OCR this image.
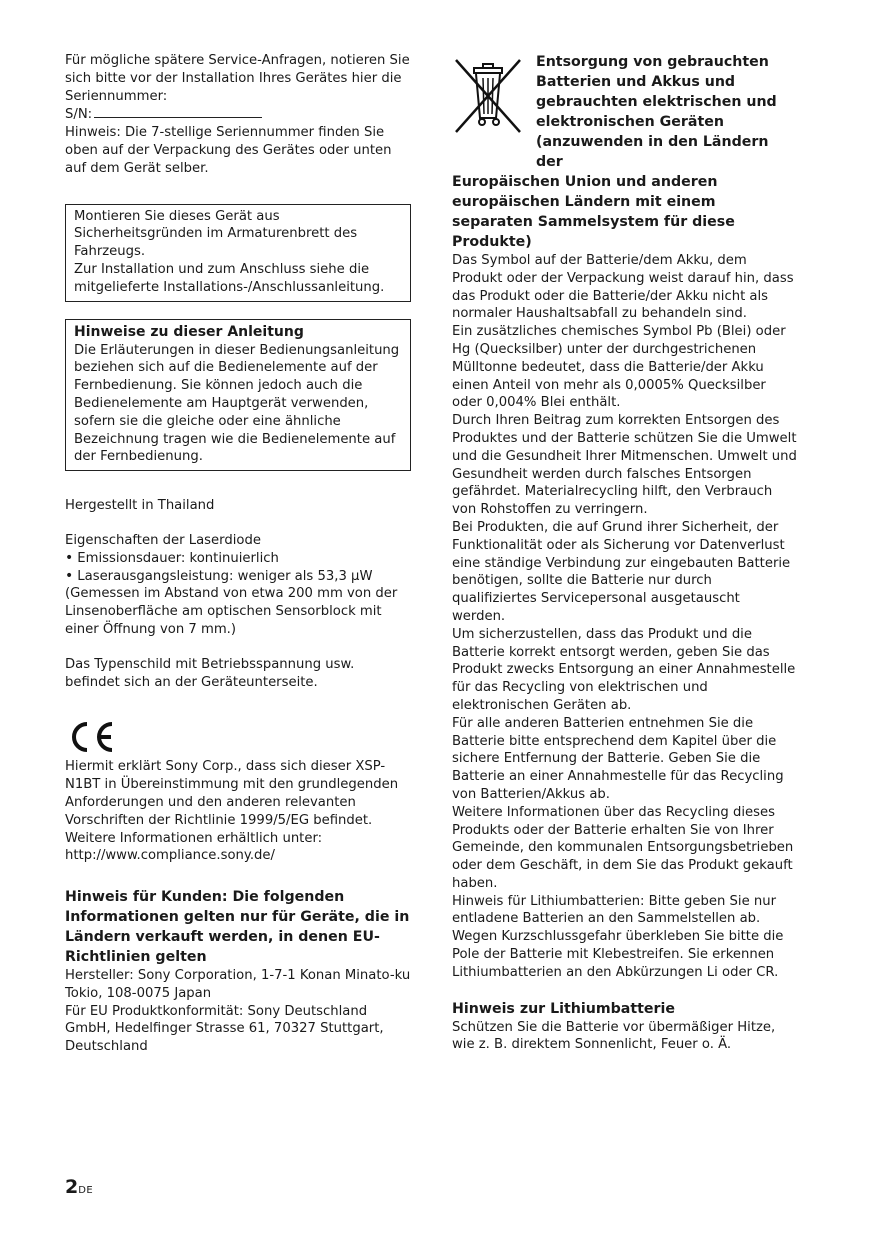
Für mögliche spätere Service-Anfragen, notieren Sie sich bitte vor der Installation Ihres Gerätes hier die Seriennummer:

S/N:

Hinweis: Die 7-stellige Seriennummer finden Sie oben auf der Verpackung des Gerätes oder unten auf dem Gerät selber.

Montieren Sie dieses Gerät aus Sicherheitsgründen im Armaturenbrett des Fahrzeugs.

Zur Installation und zum Anschluss siehe die mitgelieferte Installations-/Anschlussanleitung.

Hinweise zu dieser Anleitung

Die Erläuterungen in dieser Bedienungsanleitung beziehen sich auf die Bedienelemente auf der Fernbedienung. Sie können jedoch auch die Bedienelemente am Hauptgerät verwenden, sofern sie die gleiche oder eine ähnliche Bezeichnung tragen wie die Bedienelemente auf der Fernbedienung.

Hergestellt in Thailand

Eigenschaften der Laserdiode

• Emissionsdauer: kontinuierlich

• Laserausgangsleistung: weniger als 53,3 µW

(Gemessen im Abstand von etwa 200 mm von der Linsenoberfläche am optischen Sensorblock mit einer Öffnung von 7 mm.)

Das Typenschild mit Betriebsspannung usw. befindet sich an der Geräteunterseite.

Hiermit erklärt Sony Corp., dass sich dieser XSP-N1BT in Übereinstimmung mit den grundlegenden Anforderungen und den anderen relevanten Vorschriften der Richtlinie 1999/5/EG befindet.

Weitere Informationen erhältlich unter: http://www.compliance.sony.de/

Hinweis für Kunden: Die folgenden Informationen gelten nur für Geräte, die in Ländern verkauft werden, in denen EU-Richtlinien gelten

Hersteller: Sony Corporation, 1-7-1 Konan Minato-ku Tokio, 108-0075 Japan

Für EU Produktkonformität: Sony Deutschland GmbH, Hedelfinger Strasse 61, 70327 Stuttgart, Deutschland

Entsorgung von gebrauchten Batterien und Akkus und gebrauchten elektrischen und elektronischen Geräten (anzuwenden in den Ländern der
Europäischen Union und anderen europäischen Ländern mit einem separaten Sammelsystem für diese Produkte)

Das Symbol auf der Batterie/dem Akku, dem Produkt oder der Verpackung weist darauf hin, dass das Produkt oder die Batterie/der Akku nicht als normaler Haushaltsabfall zu behandeln sind.

Ein zusätzliches chemisches Symbol Pb (Blei) oder Hg (Quecksilber) unter der durchgestrichenen Mülltonne bedeutet, dass die Batterie/der Akku einen Anteil von mehr als 0,0005% Quecksilber oder 0,004% Blei enthält.

Durch Ihren Beitrag zum korrekten Entsorgen des Produktes und der Batterie schützen Sie die Umwelt und die Gesundheit Ihrer Mitmenschen. Umwelt und Gesundheit werden durch falsches Entsorgen gefährdet. Materialrecycling hilft, den Verbrauch von Rohstoffen zu verringern.

Bei Produkten, die auf Grund ihrer Sicherheit, der Funktionalität oder als Sicherung vor Datenverlust eine ständige Verbindung zur eingebauten Batterie benötigen, sollte die Batterie nur durch qualifiziertes Servicepersonal ausgetauscht werden.

Um sicherzustellen, dass das Produkt und die Batterie korrekt entsorgt werden, geben Sie das Produkt zwecks Entsorgung an einer Annahmestelle für das Recycling von elektrischen und elektronischen Geräten ab.

Für alle anderen Batterien entnehmen Sie die Batterie bitte entsprechend dem Kapitel über die sichere Entfernung der Batterie. Geben Sie die Batterie an einer Annahmestelle für das Recycling von Batterien/Akkus ab.

Weitere Informationen über das Recycling dieses Produkts oder der Batterie erhalten Sie von Ihrer Gemeinde, den kommunalen Entsorgungsbetrieben oder dem Geschäft, in dem Sie das Produkt gekauft haben.

Hinweis für Lithiumbatterien: Bitte geben Sie nur entladene Batterien an den Sammelstellen ab. Wegen Kurzschlussgefahr überkleben Sie bitte die Pole der Batterie mit Klebestreifen. Sie erkennen Lithiumbatterien an den Abkürzungen Li oder CR.

Hinweis zur Lithiumbatterie

Schützen Sie die Batterie vor übermäßiger Hitze, wie z. B. direktem Sonnenlicht, Feuer o. Ä.

2DE
